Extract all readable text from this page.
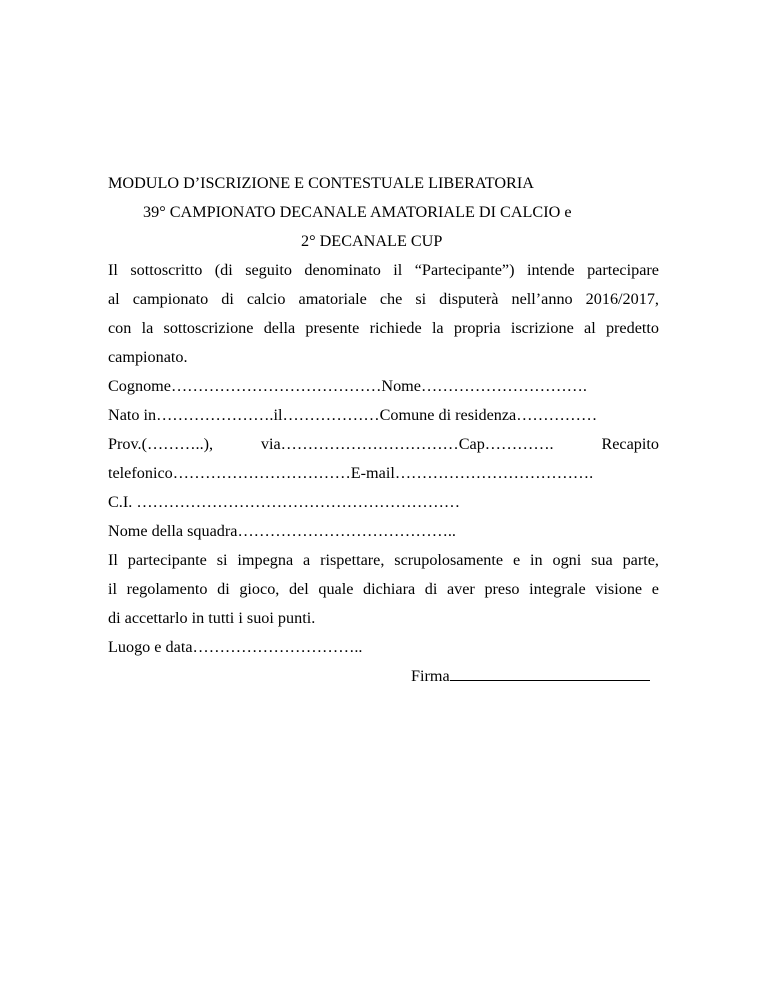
MODULO D’ISCRIZIONE E CONTESTUALE LIBERATORIA
39° CAMPIONATO DECANALE AMATORIALE DI CALCIO e
2° DECANALE CUP
Il sottoscritto (di seguito denominato il “Partecipante”) intende partecipare
al campionato di calcio amatoriale che si disputerà nell’anno 2016/2017,
con la sottoscrizione della presente richiede la propria iscrizione al predetto
campionato.
Cognome…………………………………Nome………………………….
Nato in………………….il………………Comune di residenza……………
Prov.(………..),	via……………………………Cap………….	Recapito
telefonico……………………………E-mail……………………………….
C.I. ……………………………………………………
Nome della squadra…………………………………..
Il partecipante si impegna a rispettare, scrupolosamente e in ogni sua parte,
il regolamento di gioco, del quale dichiara di aver preso integrale visione e
di accettarlo in tutti i suoi punti.
Luogo e data…………………………..
Firma
